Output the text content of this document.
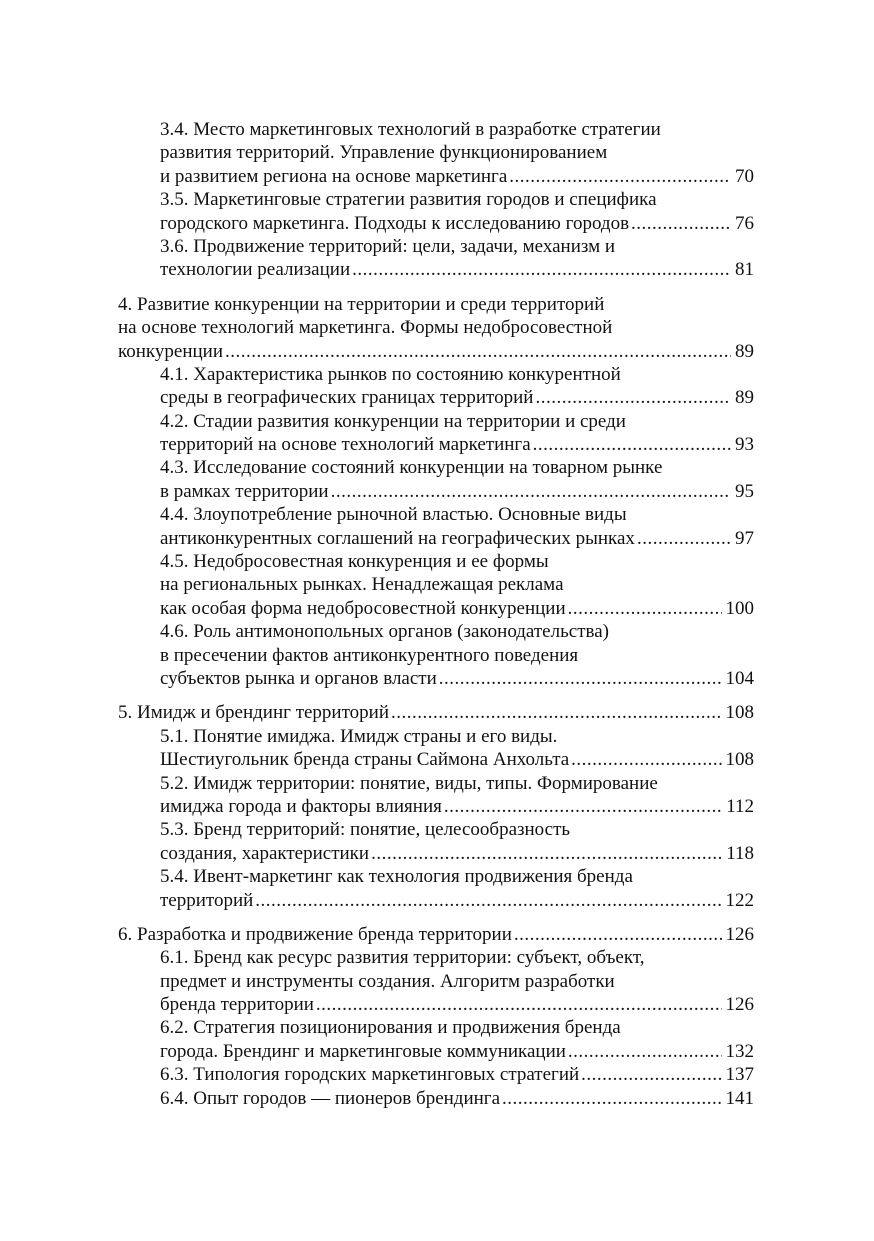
3.4. Место маркетинговых технологий в разработке стратегии
развития территорий. Управление функционированием
и развитием региона на основе маркетинга .....	70
3.5. Маркетинговые стратегии развития городов и специфика
городского маркетинга. Подходы к исследованию городов .....	76
3.6. Продвижение территорий: цели, задачи, механизм и
технологии реализации .....	81
4. Развитие конкуренции на территории и среди территорий
на основе технологий маркетинга. Формы недобросовестной
конкуренции .....	89
4.1. Характеристика рынков по состоянию конкурентной
среды в географических границах территорий .....	89
4.2. Стадии развития конкуренции на территории и среди
территорий на основе технологий маркетинга .....	93
4.3. Исследование состояний конкуренции на товарном рынке
в рамках территории .....	95
4.4. Злоупотребление рыночной властью. Основные виды
антиконкурентных соглашений на географических рынках .....	97
4.5. Недобросовестная конкуренция и ее формы
на региональных рынках. Ненадлежащая реклама
как особая форма недобросовестной конкуренции .....	100
4.6. Роль антимонопольных органов (законодательства)
в пресечении фактов антиконкурентного поведения
субъектов рынка и органов власти .....	104
5. Имидж и брендинг территорий .....	108
5.1. Понятие имиджа. Имидж страны и его виды.
Шестиугольник бренда страны Саймона Анхольта .....	108
5.2. Имидж территории: понятие, виды, типы. Формирование
имиджа города и факторы влияния .....	112
5.3. Бренд территорий: понятие, целесообразность
создания, характеристики .....	118
5.4. Ивент-маркетинг как технология продвижения бренда
территорий .....	122
6. Разработка и продвижение бренда территории .....	126
6.1. Бренд как ресурс развития территории: субъект, объект,
предмет и инструменты создания. Алгоритм разработки
бренда территории .....	126
6.2. Стратегия позиционирования и продвижения бренда
города. Брендинг и маркетинговые коммуникации .....	132
6.3. Типология городских маркетинговых стратегий .....	137
6.4. Опыт городов — пионеров брендинга .....	141
